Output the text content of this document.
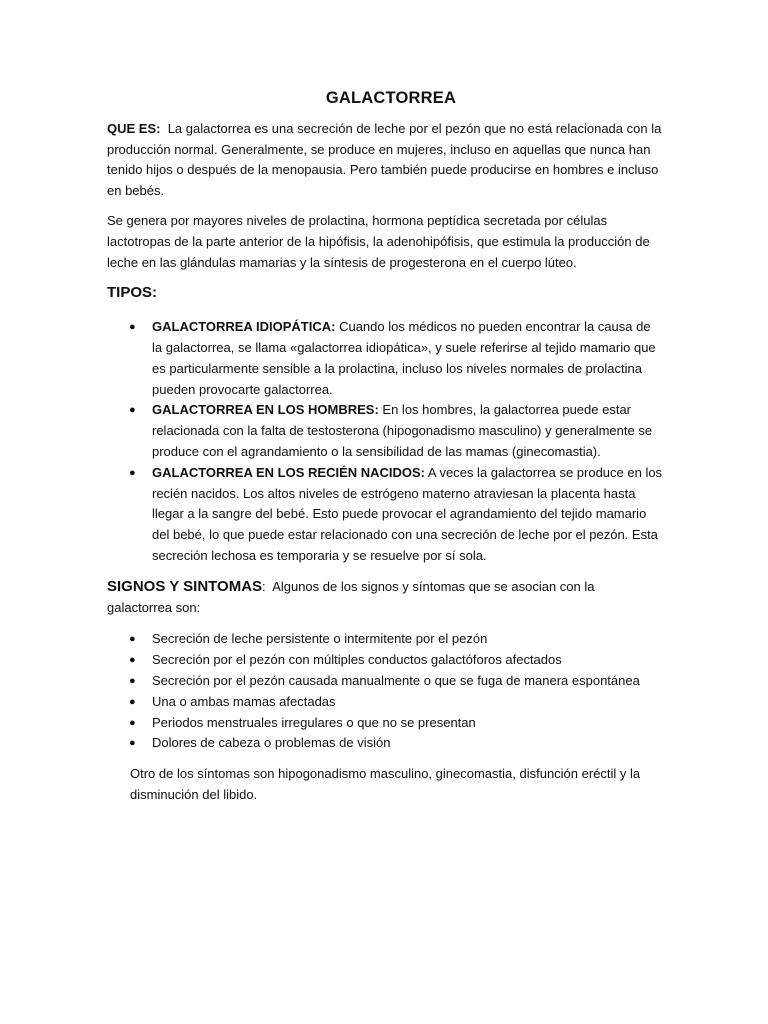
GALACTORREA

QUE ES: La galactorrea es una secreción de leche por el pezón que no está relacionada con la producción normal. Generalmente, se produce en mujeres, incluso en aquellas que nunca han tenido hijos o después de la menopausia. Pero también puede producirse en hombres e incluso en bebés.

Se genera por mayores niveles de prolactina, hormona peptídica secretada por células lactotropas de la parte anterior de la hipófisis, la adenohipófisis, que estimula la producción de leche en las glándulas mamarias y la síntesis de progesterona en el cuerpo lúteo.

TIPOS:
● GALACTORREA IDIOPÁTICA: Cuando los médicos no pueden encontrar la causa de la galactorrea, se llama «galactorrea idiopática», y suele referirse al tejido mamario que es particularmente sensible a la prolactina, incluso los niveles normales de prolactina pueden provocarte galactorrea.
● GALACTORREA EN LOS HOMBRES: En los hombres, la galactorrea puede estar relacionada con la falta de testosterona (hipogonadismo masculino) y generalmente se produce con el agrandamiento o la sensibilidad de las mamas (ginecomastia).
● GALACTORREA EN LOS RECIÉN NACIDOS: A veces la galactorrea se produce en los recién nacidos. Los altos niveles de estrógeno materno atraviesan la placenta hasta llegar a la sangre del bebé. Esto puede provocar el agrandamiento del tejido mamario del bebé, lo que puede estar relacionado con una secreción de leche por el pezón. Esta secreción lechosa es temporaria y se resuelve por sí sola.

SIGNOS Y SINTOMAS: Algunos de los signos y síntomas que se asocian con la galactorrea son:

● Secreción de leche persistente o intermitente por el pezón
● Secreción por el pezón con múltiples conductos galactóforos afectados
● Secreción por el pezón causada manualmente o que se fuga de manera espontánea
● Una o ambas mamas afectadas
● Periodos menstruales irregulares o que no se presentan
● Dolores de cabeza o problemas de visión

Otro de los síntomas son hipogonadismo masculino, ginecomastia, disfunción eréctil y la disminución del libido.
